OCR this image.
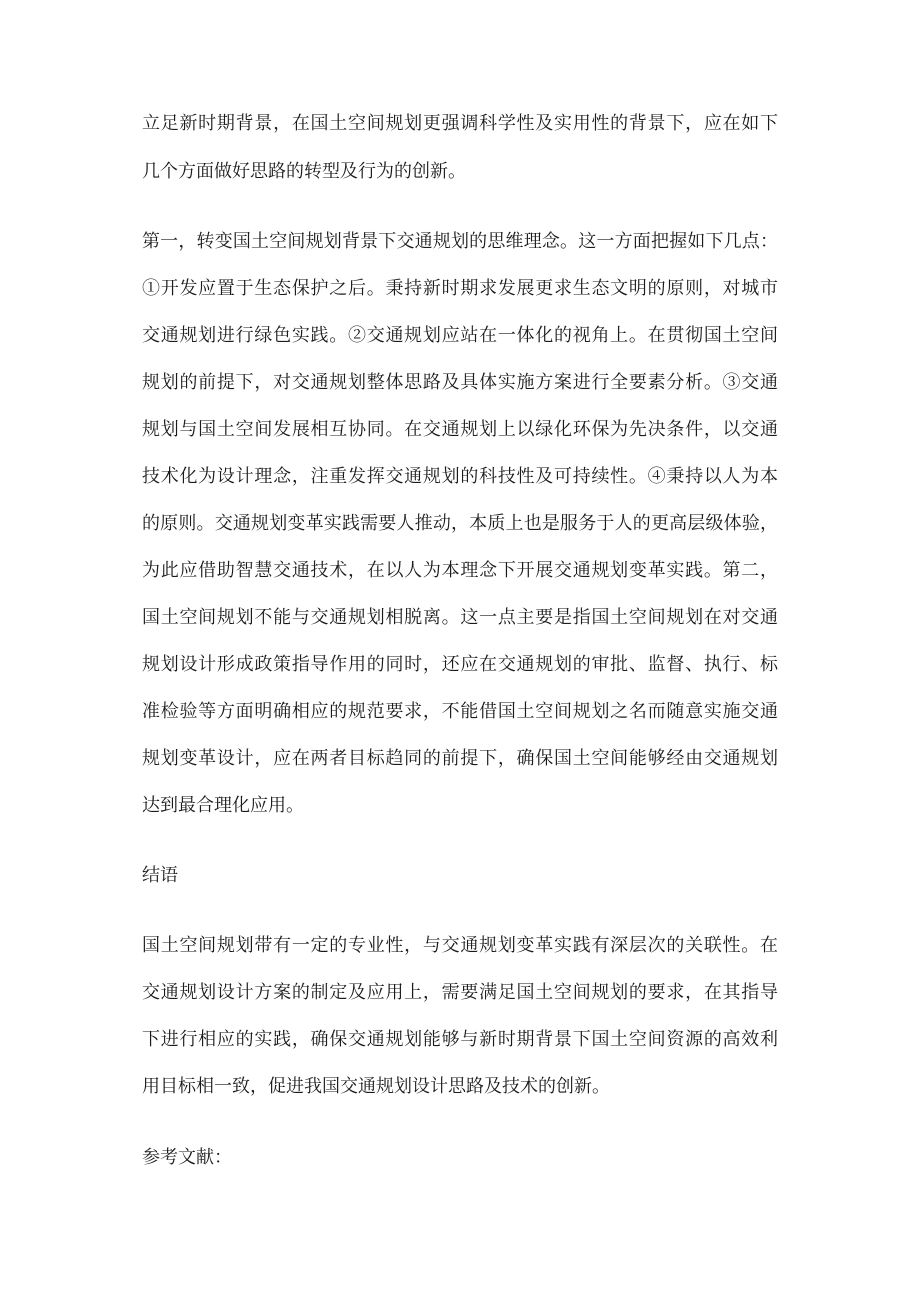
立足新时期背景，在国土空间规划更强调科学性及实用性的背景下，应在如下
几个方面做好思路的转型及行为的创新。
第一，转变国土空间规划背景下交通规划的思维理念。这一方面把握如下几点：
①开发应置于生态保护之后。秉持新时期求发展更求生态文明的原则，对城市
交通规划进行绿色实践。②交通规划应站在一体化的视角上。在贯彻国土空间
规划的前提下，对交通规划整体思路及具体实施方案进行全要素分析。③交通
规划与国土空间发展相互协同。在交通规划上以绿化环保为先决条件，以交通
技术化为设计理念，注重发挥交通规划的科技性及可持续性。④秉持以人为本
的原则。交通规划变革实践需要人推动，本质上也是服务于人的更高层级体验，
为此应借助智慧交通技术，在以人为本理念下开展交通规划变革实践。第二，
国土空间规划不能与交通规划相脱离。这一点主要是指国土空间规划在对交通
规划设计形成政策指导作用的同时，还应在交通规划的审批、监督、执行、标
准检验等方面明确相应的规范要求，不能借国土空间规划之名而随意实施交通
规划变革设计，应在两者目标趋同的前提下，确保国土空间能够经由交通规划
达到最合理化应用。
结语
国土空间规划带有一定的专业性，与交通规划变革实践有深层次的关联性。在
交通规划设计方案的制定及应用上，需要满足国土空间规划的要求，在其指导
下进行相应的实践，确保交通规划能够与新时期背景下国土空间资源的高效利
用目标相一致，促进我国交通规划设计思路及技术的创新。
参考文献：
